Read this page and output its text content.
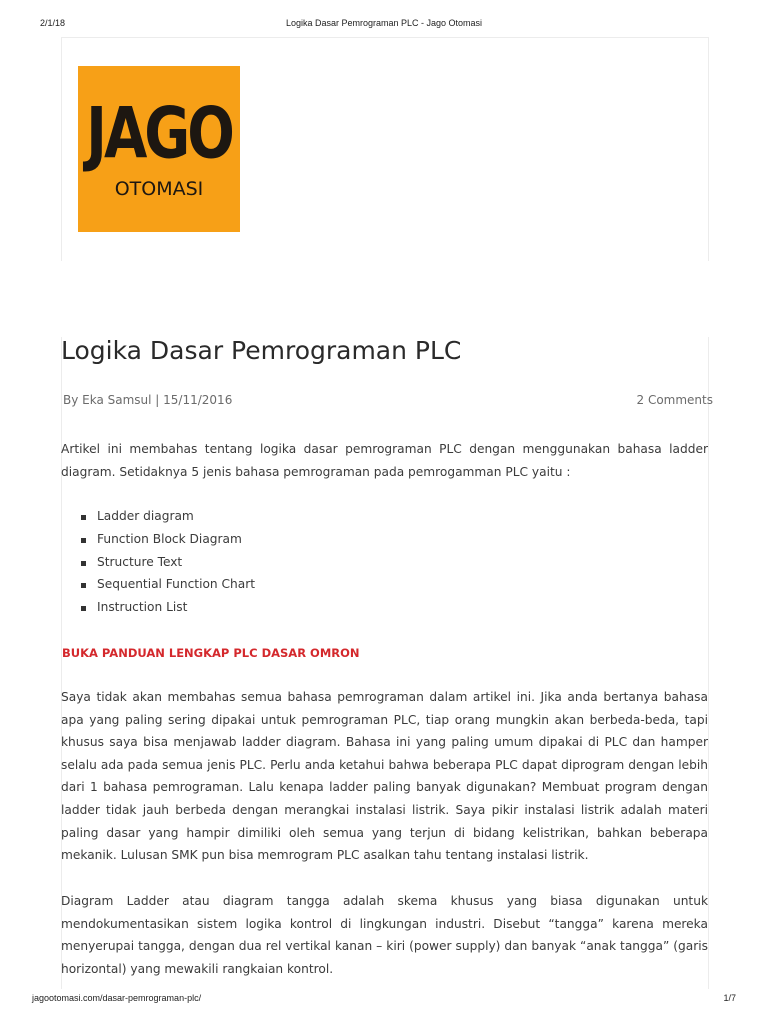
2/1/18	Logika Dasar Pemrograman PLC - Jago Otomasi
JAGO
OTOMASI
Logika Dasar Pemrograman PLC
By Eka Samsul | 15/11/2016	2 Comments

Artikel ini membahas tentang logika dasar pemrograman PLC dengan menggunakan bahasa ladder diagram. Setidaknya 5 jenis bahasa pemrograman pada pemrogamman PLC yaitu :

Ladder diagram
Function Block Diagram
Structure Text
Sequential Function Chart
Instruction List
BUKA PANDUAN LENGKAP PLC DASAR OMRON

Saya tidak akan membahas semua bahasa pemrograman dalam artikel ini. Jika anda bertanya bahasa apa yang paling sering dipakai untuk pemrograman PLC, tiap orang mungkin akan berbeda-beda, tapi khusus saya bisa menjawab ladder diagram. Bahasa ini yang paling umum dipakai di PLC dan hamper selalu ada pada semua jenis PLC. Perlu anda ketahui bahwa beberapa PLC dapat diprogram dengan lebih dari 1 bahasa pemrograman. Lalu kenapa ladder paling banyak digunakan? Membuat program dengan ladder tidak jauh berbeda dengan merangkai instalasi listrik. Saya pikir instalasi listrik adalah materi paling dasar yang hampir dimiliki oleh semua yang terjun di bidang kelistrikan, bahkan beberapa mekanik. Lulusan SMK pun bisa memrogram PLC asalkan tahu tentang instalasi listrik.

Diagram Ladder atau diagram tangga adalah skema khusus yang biasa digunakan untuk mendokumentasikan sistem logika kontrol di lingkungan industri. Disebut “tangga” karena mereka menyerupai tangga, dengan dua rel vertikal kanan – kiri (power supply) dan banyak “anak tangga” (garis horizontal) yang mewakili rangkaian kontrol.

jagootomasi.com/dasar-pemrograman-plc/	1/7
